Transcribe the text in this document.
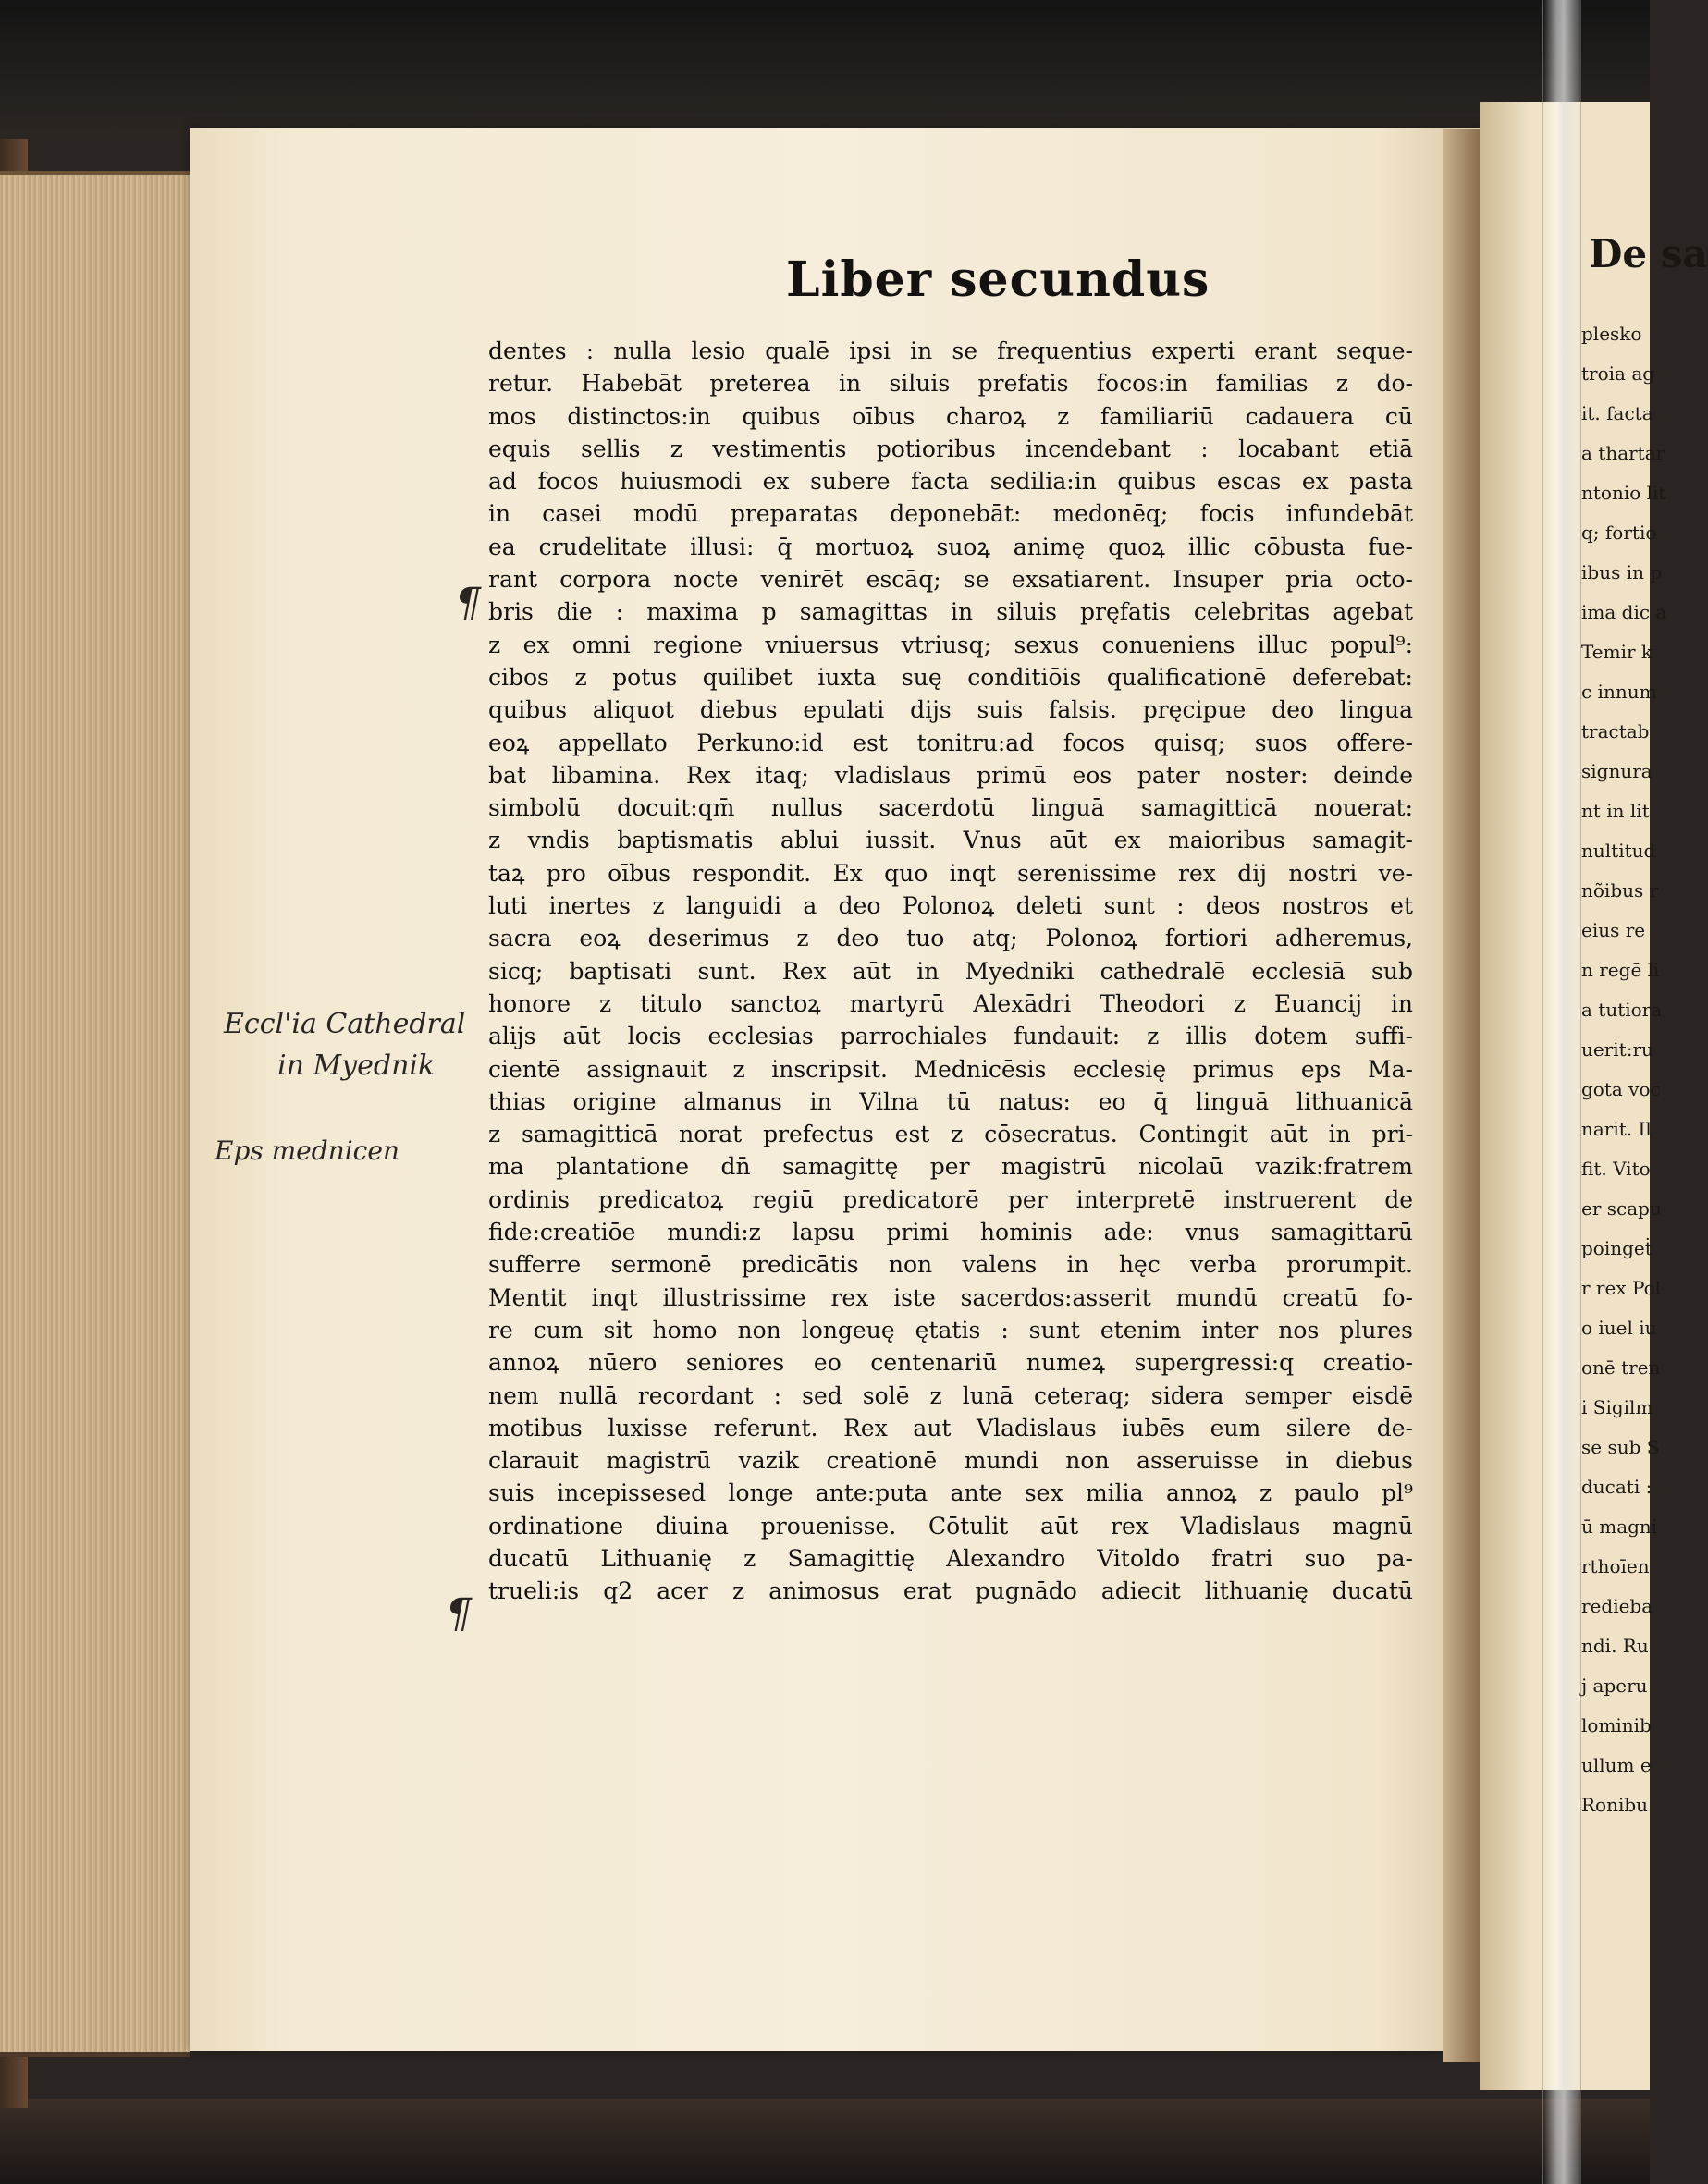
Liber secundus
¶
¶
Eccl'ia Cathedral
in Myednik
Eps mednicen
dentes : nulla lesio qualē ipsi in se frequentius experti erant seque-
retur. Habebāt preterea in siluis prefatis focos:in familias z do-
mos distinctos:in quibus oībus charoꝝ z familiariū cadauera cū
equis sellis z vestimentis potioribus incendebant : locabant etiā
ad focos huiusmodi ex subere facta sedilia:in quibus escas ex pasta
in casei modū preparatas deponebāt: medonēq; focis infundebāt
ea crudelitate illusi: q̄ mortuoꝝ suoꝝ animę quoꝝ illic cōbusta fue-
rant corpora nocte venirēt escāq; se exsatiarent. Insuper pria octo-
bris die : maxima p samagittas in siluis pręfatis celebritas agebat
z ex omni regione vniuersus vtriusq; sexus conueniens illuc popul⁹:
cibos z potus quilibet iuxta suę conditiōis qualificationē deferebat:
quibus aliquot diebus epulati dijs suis falsis. pręcipue deo lingua
eoꝝ appellato Perkuno:id est tonitru:ad focos quisq; suos offere-
bat libamina. Rex itaq; vladislaus primū eos pater noster: deinde
simbolū docuit:qm̄ nullus sacerdotū linguā samagitticā nouerat:
z vndis baptismatis ablui iussit. Vnus aūt ex maioribus samagit-
taꝝ pro oībus respondit. Ex quo inqt serenissime rex dij nostri ve-
luti inertes z languidi a deo Polonoꝝ deleti sunt : deos nostros et
sacra eoꝝ deserimus z deo tuo atq; Polonoꝝ fortiori adheremus,
sicq; baptisati sunt. Rex aūt in Myedniki cathedralē ecclesiā sub
honore z titulo sanctoꝝ martyrū Alexādri Theodori z Euancij in
alijs aūt locis ecclesias parrochiales fundauit: z illis dotem suffi-
cientē assignauit z inscripsit. Mednicēsis ecclesię primus eps Ma-
thias origine almanus in Vilna tū natus: eo q̄ linguā lithuanicā
z samagitticā norat prefectus est z cōsecratus. Contingit aūt in pri-
ma plantatione dn̄ samagittę per magistrū nicolaū vazik:fratrem
ordinis predicatoꝝ regiū predicatorē per interpretē instruerent de
fide:creatiōe mundi:z lapsu primi hominis ade: vnus samagittarū
sufferre sermonē predicātis non valens in hęc verba prorumpit.
Mentit inqt illustrissime rex iste sacerdos:asserit mundū creatū fo-
re cum sit homo non longeuę ętatis : sunt etenim inter nos plures
annoꝝ nūero seniores eo centenariū numeꝝ supergressi:q creatio-
nem nullā recordant : sed solē z lunā ceteraq; sidera semper eisdē
motibus luxisse referunt. Rex aut Vladislaus iubēs eum silere de-
clarauit magistrū vazik creationē mundi non asseruisse in diebus
suis incepissesed longe ante:puta ante sex milia annoꝝ z paulo pl⁹
ordinatione diuina prouenisse. Cōtulit aūt rex Vladislaus magnū
ducatū Lithuanię z Samagittię Alexandro Vitoldo fratri suo pa-
trueli:is q2 acer z animosus erat pugnādo adiecit lithuanię ducatū
De sa
plesko
troia ag
it. facta
a thartar
ntonio lit
q; fortio
ibus in p
ima dic a
Temir k
c innum
tractab
signura
nt in lit
nultitud
nõibus r
eius re
n regē li
a tutiora
uerit:ru
gota voc
narit. Il
fit. Vito
er scapu
poingeṫ
r rex Pol
o iuel iu
onē tren
i Sigilm
se sub S
ducati :
ū magni
rthoīen
redieba
ndi. Ru
j aperu
lominib
ullum e
Ronibu
